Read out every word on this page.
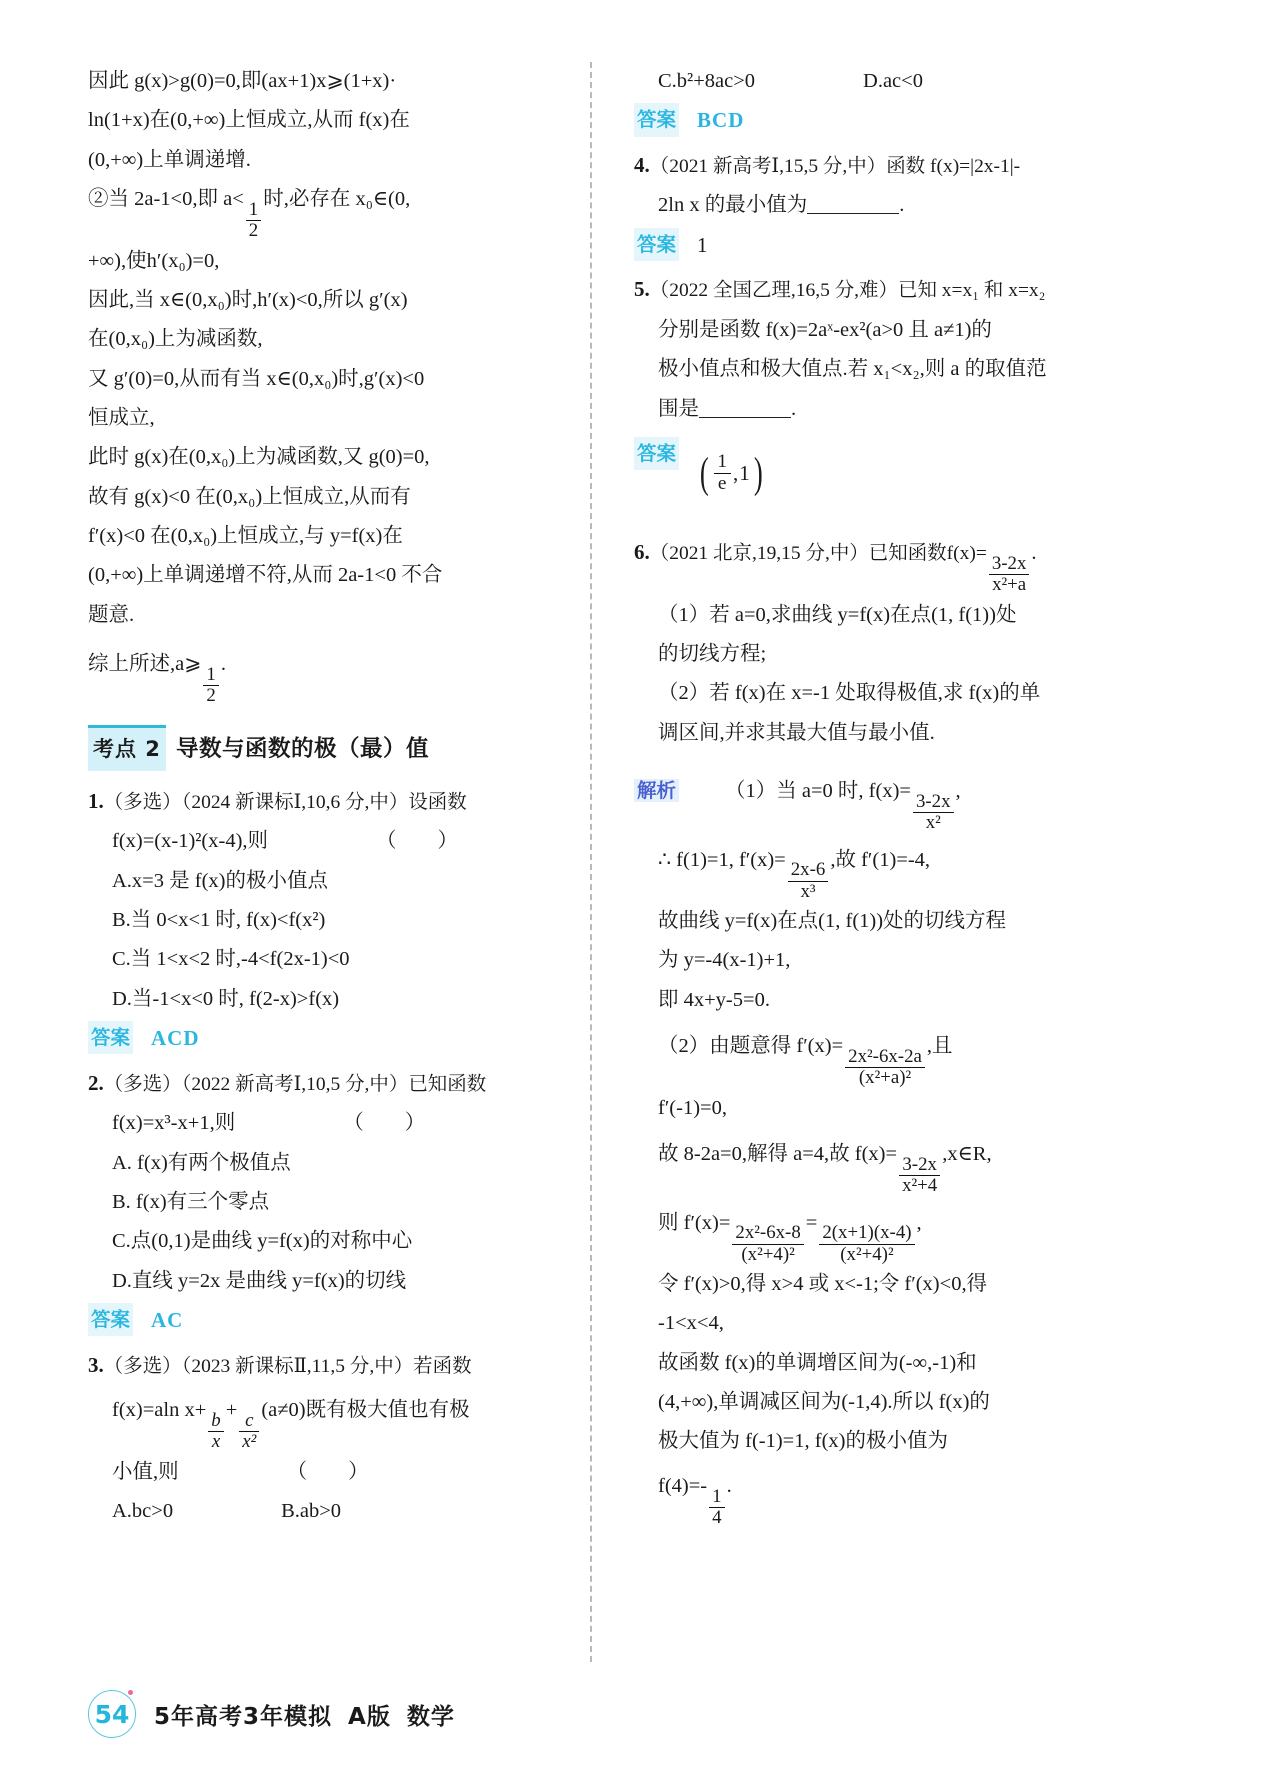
因此 g(x)>g(0)=0,即(ax+1)x⩾(1+x)·

ln(1+x)在(0,+∞)上恒成立,从而 f(x)在

(0,+∞)上单调递增.

②当 2a-1<0,即 a<
$\frac{1}{2}$
时,必存在 x₀∈(0,

+∞),使h′(x₀)=0,

因此,当 x∈(0,x₀)时,h′(x)<0,所以 g′(x)

在(0,x₀)上为减函数,

又 g′(0)=0,从而有当 x∈(0,x₀)时,g′(x)<0

恒成立,

此时 g(x)在(0,x₀)上为减函数,又 g(0)=0,

故有 g(x)<0 在(0,x₀)上恒成立,从而有

f′(x)<0 在(0,x₀)上恒成立,与 y=f(x)在

(0,+∞)上单调递增不符,从而 2a-1<0 不合

题意.

综上所述,a⩾
$\frac{1}{2}$
.

考点 2 导数与函数的极（最）值

1.（多选）（2024 新课标Ⅰ,10,6 分,中）设函数

f(x)=(x-1)²(x-4),则	（　　）

A.x=3 是 f(x)的极小值点

B.当 0<x<1 时, f(x)<f(x²)

C.当 1<x<2 时,-4<f(2x-1)<0

D.当-1<x<0 时, f(2-x)>f(x)

答案 ACD

2.（多选）（2022 新高考Ⅰ,10,5 分,中）已知函数

f(x)=x³-x+1,则	（　　）

A. f(x)有两个极值点

B. f(x)有三个零点

C.点(0,1)是曲线 y=f(x)的对称中心

D.直线 y=2x 是曲线 y=f(x)的切线

答案 AC

3.（多选）（2023 新课标Ⅱ,11,5 分,中）若函数

f(x)=aln x+
$\frac{b}{x}$
+
$\frac{c}{\text{x²}}$
(a≠0)既有极大值也有极

小值,则	（　　）

A.bc>0	B.ab>0

C.b²+8ac>0	D.ac<0

答案 BCD

4.（2021 新高考Ⅰ,15,5 分,中）函数 f(x)=|2x-1|-

2ln x 的最小值为	.

答案 1

5.（2022 全国乙理,16,5 分,难）已知 x=x₁ 和 x=x₂

分别是函数 f(x)=2aˣ-ex²(a>0 且 a≠1)的

极小值点和极大值点.若 x₁<x₂,则 a 的取值范

围是	.

答案 ( $\frac{1}{e} ,1$ )

6.（2021 北京,19,15 分,中）已知函数f(x)=
$\frac{3-2x}{\text{x²+a}}$
.

（1）若 a=0,求曲线 y=f(x)在点(1, f(1))处

的切线方程;

（2）若 f(x)在 x=-1 处取得极值,求 f(x)的单

调区间,并求其最大值与最小值.

解析 （1）当 a=0 时, f(x)=
$\frac{3-2x}{\text{x²}}$
,

∴ f(1)=1, f′(x)=
$\frac{2x-6}{\text{x³}}$
,故 f′(1)=-4,

故曲线 y=f(x)在点(1, f(1))处的切线方程

为 y=-4(x-1)+1,

即 4x+y-5=0.

（2）由题意得 f′(x)=
$\frac{\text{2x²-6x-2a}}{\text{(x²+a)²}}$
,且

f′(-1)=0,

故 8-2a=0,解得 a=4,故 f(x)=
$\frac{3-2x}{\text{x²+4}}$
,x∈R,

则 f′(x)=
$\frac{\text{2x²-6x-8}}{\text{(x²+4)²}}$
=
$\frac{2(x+1)(x-4)}{\text{(x²+4)²}}$
,

令 f′(x)>0,得 x>4 或 x<-1;令 f′(x)<0,得

-1<x<4,

故函数 f(x)的单调增区间为(-∞,-1)和

(4,+∞),单调减区间为(-1,4).所以 f(x)的

极大值为 f(-1)=1, f(x)的极小值为

f(4)=-
$\frac{1}{4}$
.

54 5年高考3年模拟 A版 数学
